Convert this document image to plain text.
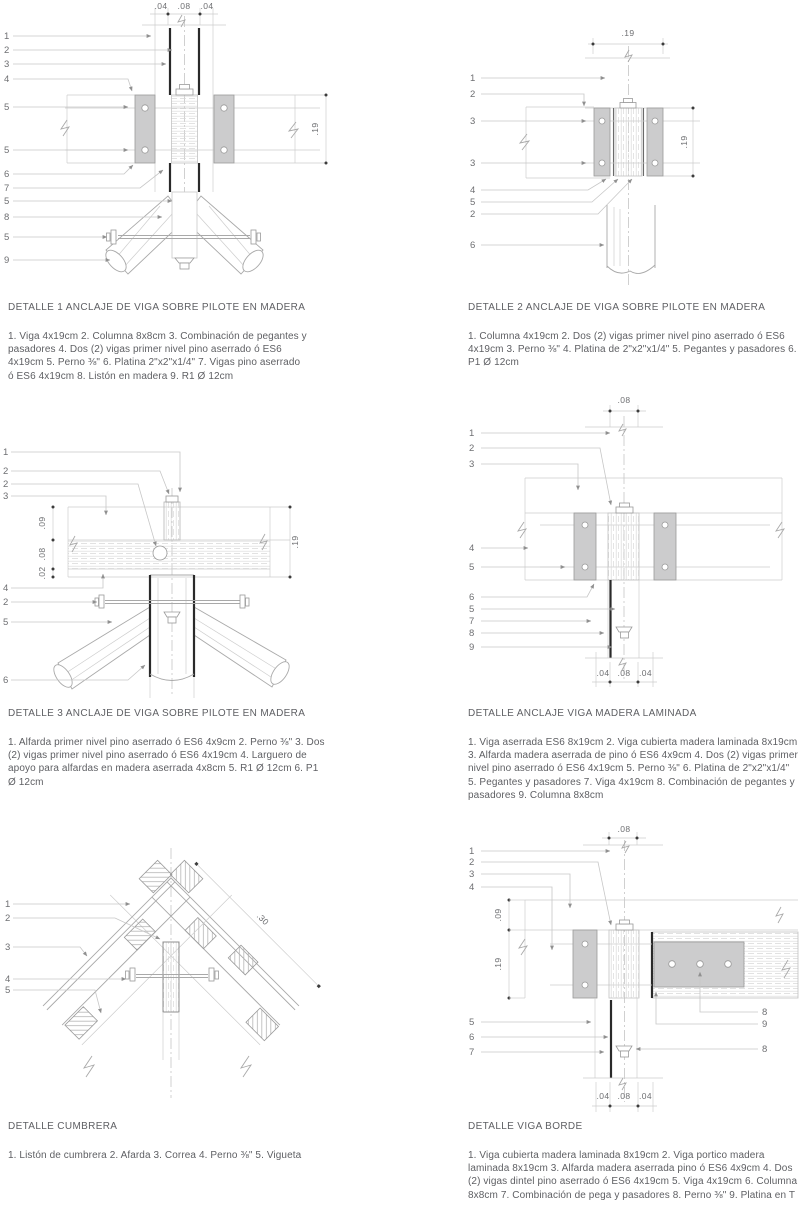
.04 .08 .04
.19
1
2
3
4
5
5
6
7
5
8
5
9
DETALLE 1 ANCLAJE DE VIGA SOBRE PILOTE EN MADERA
1. Viga 4x19cm 2. Columna 8x8cm 3. Combinación de pegantes y pasadores 4. Dos (2) vigas primer nivel pino aserrado ó ES6 4x19cm 5. Perno ⅜" 6. Platina 2"x2"x1/4" 7. Vigas pino aserrado ó ES6 4x19cm 8. Listón en madera 9. R1 Ø 12cm
.19
.19
1
2
3
3
4
5
2
6
DETALLE 2 ANCLAJE DE VIGA SOBRE PILOTE EN MADERA
1. Columna 4x19cm 2. Dos (2) vigas primer nivel pino aserrado ó ES6 4x19cm 3. Perno ⅜" 4. Platina de 2"x2"x1/4" 5. Pegantes y pasadores 6. P1 Ø 12cm
.09
.08
.02
.19
1
2
2
3
4
2
5
6
DETALLE 3 ANCLAJE DE VIGA SOBRE PILOTE EN MADERA
1. Alfarda primer nivel pino aserrado ó ES6 4x9cm 2. Perno ⅜" 3. Dos (2) vigas primer nivel pino aserrado ó ES6 4x19cm 4. Larguero de apoyo para alfardas en madera aserrada 4x8cm 5. R1 Ø 12cm 6. P1 Ø 12cm
.08
.04 .08 .04
1
2
3
4
5
6
5
7
8
9
DETALLE ANCLAJE VIGA MADERA LAMINADA
1. Viga aserrada ES6 8x19cm 2. Viga cubierta madera laminada 8x19cm 3. Alfarda madera aserrada de pino ó ES6 4x9cm 4. Dos (2) vigas primer nivel pino aserrado ó ES6 4x19cm 5. Perno ⅜" 6. Platina de 2"x2"x1/4" 5. Pegantes y pasadores 7. Viga 4x19cm 8. Combinación de pegantes y pasadores 9. Columna 8x8cm
.30
1
2
3
4
5
DETALLE CUMBRERA
1. Listón de cumbrera 2. Afarda 3. Correa 4. Perno ⅜" 5. Vigueta
.08
.09
.19
.04 .08 .04
1
2
3
4
5
6
7
8
9
8
DETALLE VIGA BORDE
1. Viga cubierta madera laminada 8x19cm 2. Viga portico madera laminada 8x19cm 3. Alfarda madera aserrada pino ó ES6 4x9cm 4. Dos (2) vigas dintel pino aserrado ó ES6 4x19cm 5. Viga 4x19cm 6. Columna 8x8cm 7. Combinación de pega y pasadores 8. Perno ⅜" 9. Platina en T
